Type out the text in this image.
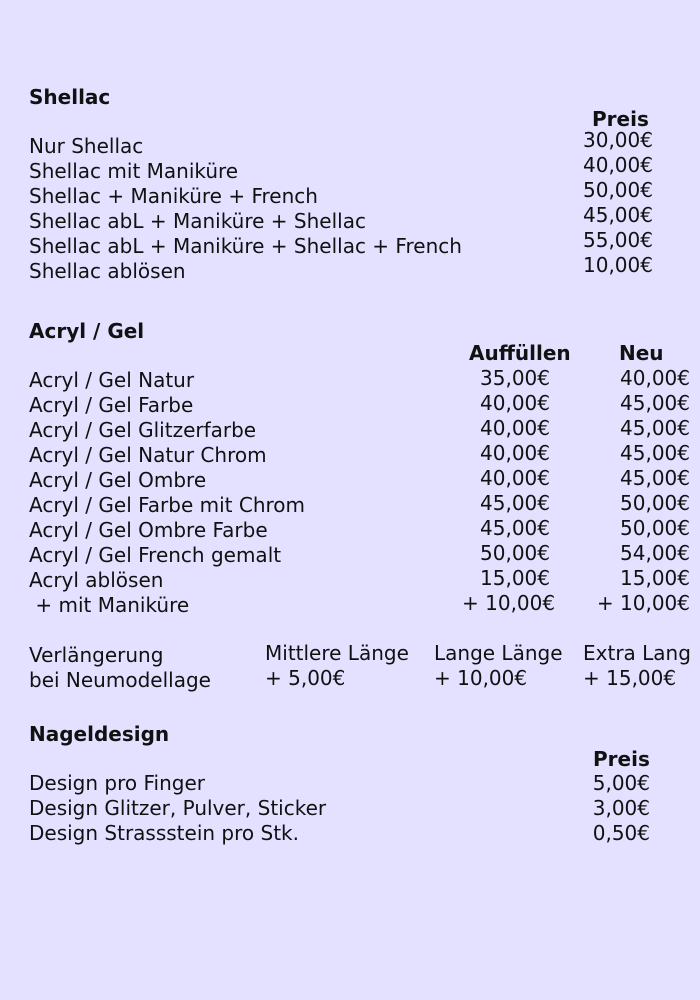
Shellac
Preis
Nur Shellac
Shellac mit Maniküre
Shellac + Maniküre + French
Shellac abL + Maniküre + Shellac
Shellac abL + Maniküre + Shellac + French
Shellac ablösen
30,00€
40,00€
50,00€
45,00€
55,00€
10,00€
Acryl / Gel
Auffüllen Neu
Acryl / Gel Natur
Acryl / Gel Farbe
Acryl / Gel Glitzerfarbe
Acryl / Gel Natur Chrom
Acryl / Gel Ombre
Acryl / Gel Farbe mit Chrom
Acryl / Gel Ombre Farbe
Acryl / Gel French gemalt
Acryl ablösen
+ mit Maniküre
35,00€
40,00€
40,00€
40,00€
40,00€
45,00€
45,00€
50,00€
15,00€
+ 10,00€
40,00€
45,00€
45,00€
45,00€
45,00€
50,00€
50,00€
54,00€
15,00€
+ 10,00€
Verlängerung
bei Neumodellage
Mittlere Länge
+ 5,00€
Lange Länge
+ 10,00€
Extra Lang
+ 15,00€
Nageldesign
Preis
Design pro Finger
Design Glitzer, Pulver, Sticker
Design Strassstein pro Stk.
5,00€
3,00€
0,50€
